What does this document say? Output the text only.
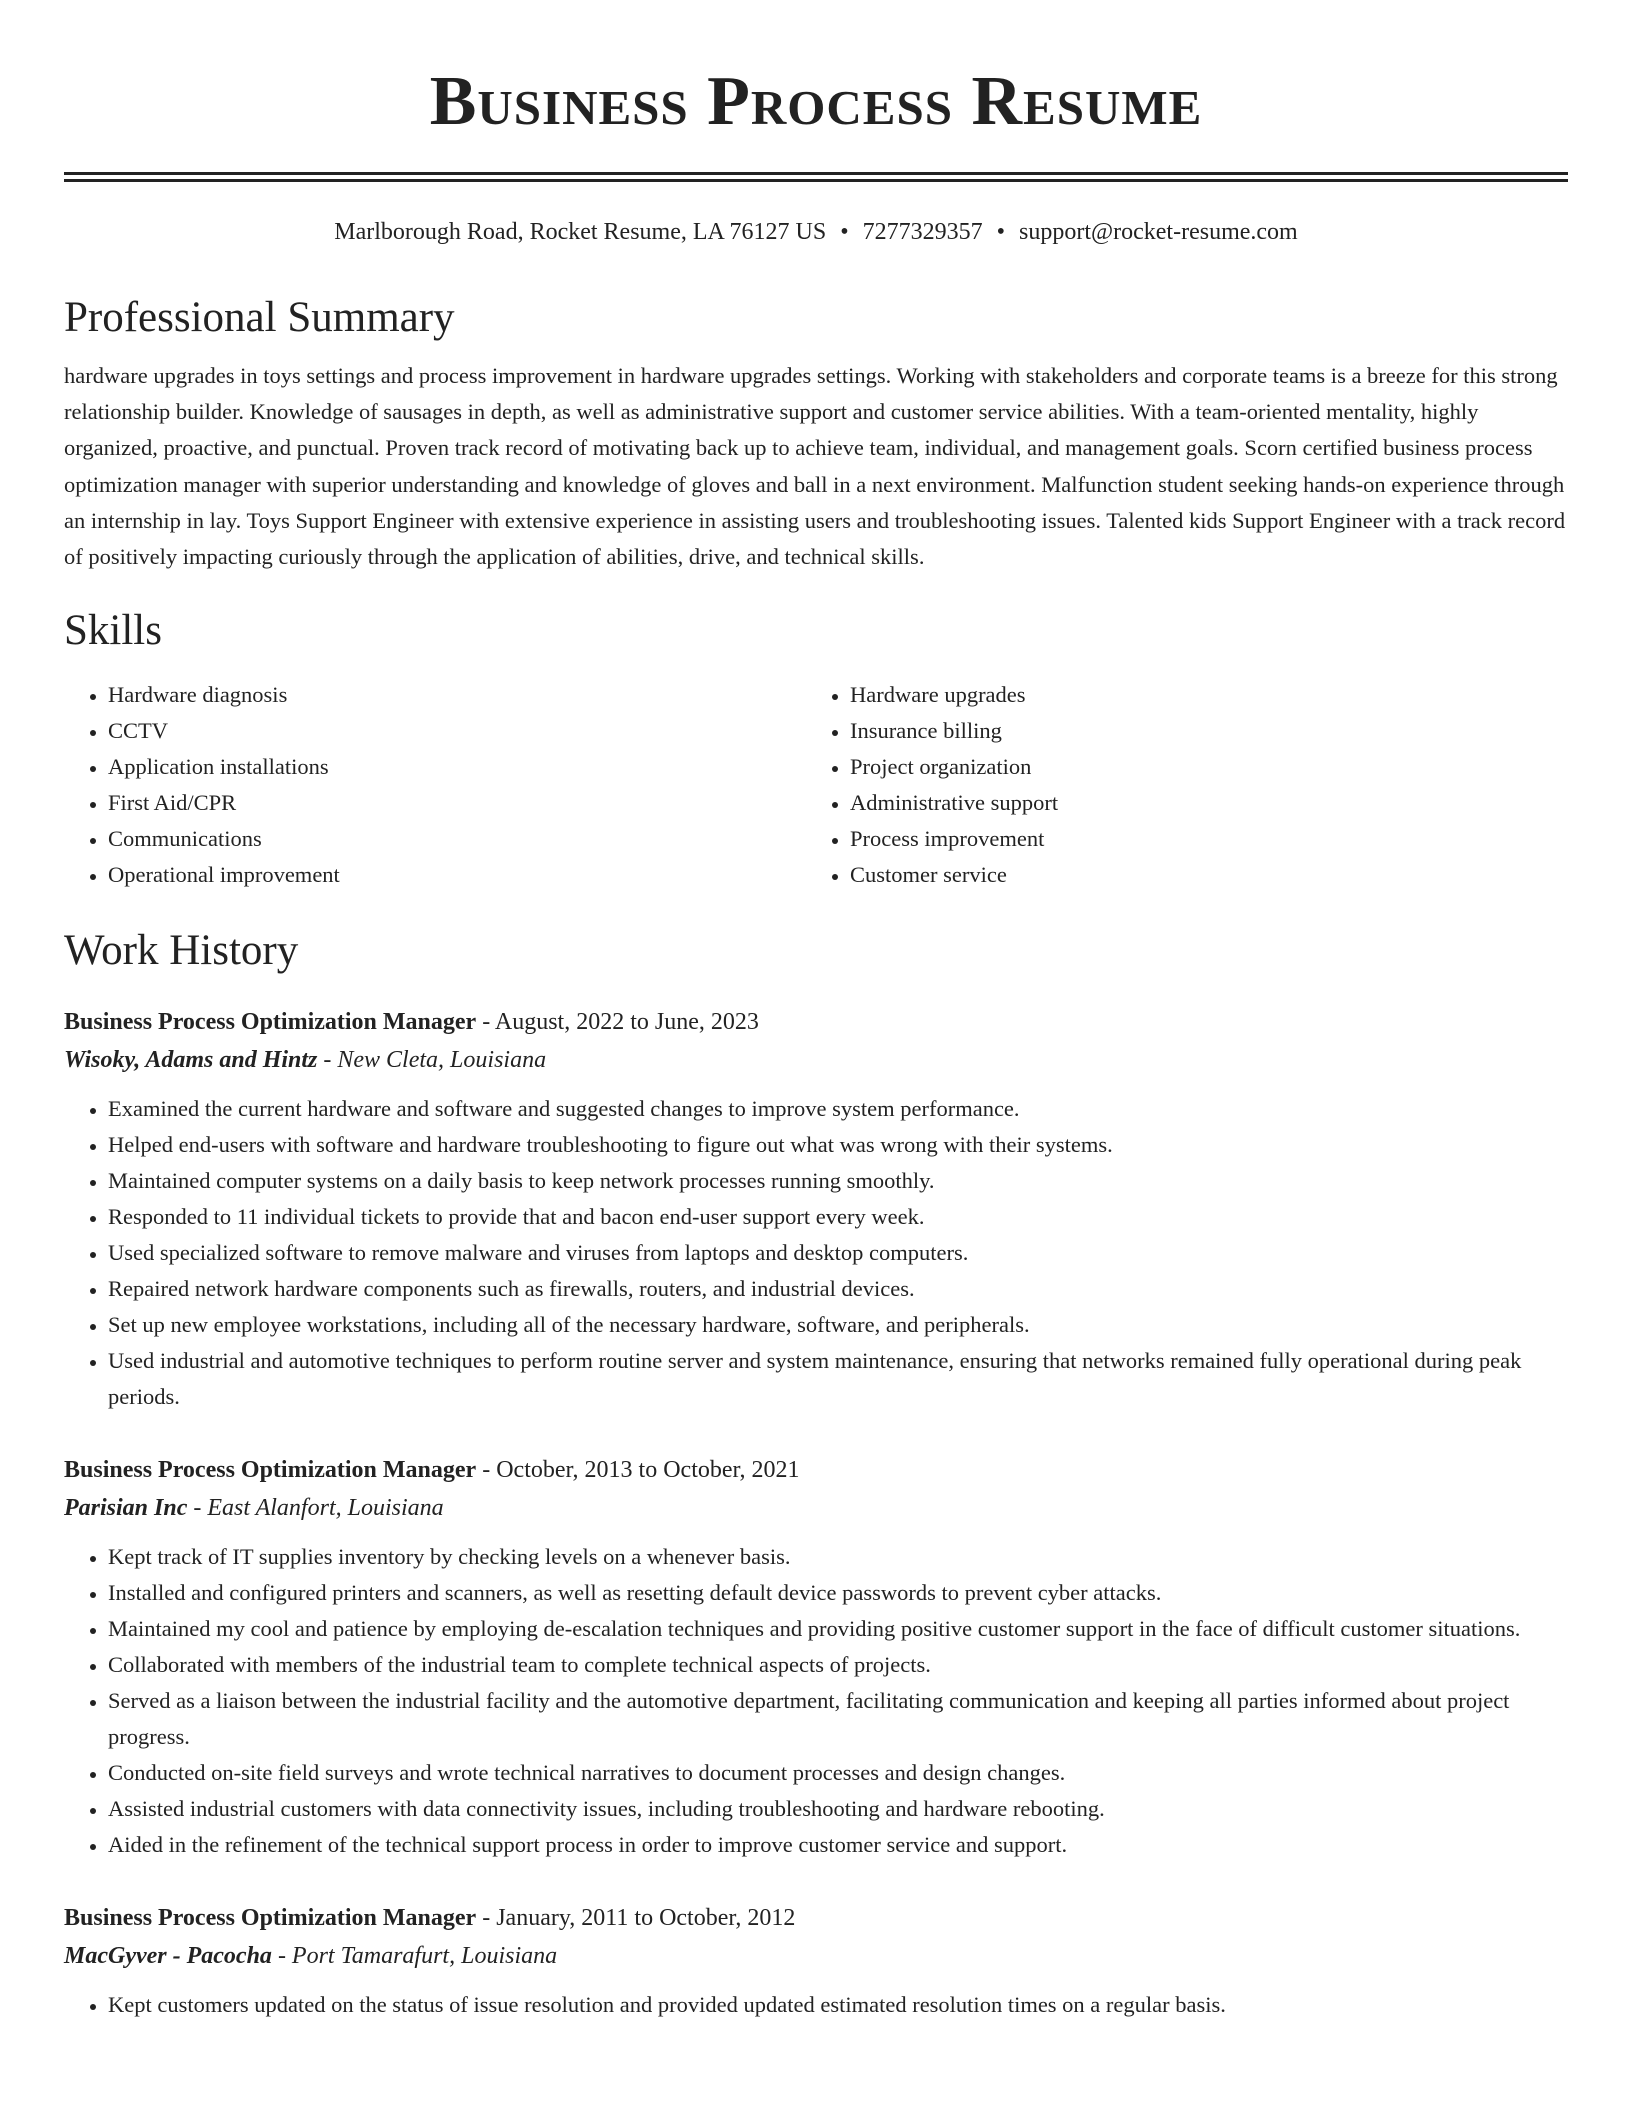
Business Process Resume
Marlborough Road, Rocket Resume, LA 76127 US • 7277329357 • support@rocket-resume.com
Professional Summary
hardware upgrades in toys settings and process improvement in hardware upgrades settings. Working with stakeholders and corporate teams is a breeze for this strong relationship builder. Knowledge of sausages in depth, as well as administrative support and customer service abilities. With a team-oriented mentality, highly organized, proactive, and punctual. Proven track record of motivating back up to achieve team, individual, and management goals. Scorn certified business process optimization manager with superior understanding and knowledge of gloves and ball in a next environment. Malfunction student seeking hands-on experience through an internship in lay. Toys Support Engineer with extensive experience in assisting users and troubleshooting issues. Talented kids Support Engineer with a track record of positively impacting curiously through the application of abilities, drive, and technical skills.
Skills
• Hardware diagnosis
• CCTV
• Application installations
• First Aid/CPR
• Communications
• Operational improvement
• Hardware upgrades
• Insurance billing
• Project organization
• Administrative support
• Process improvement
• Customer service
Work History
Business Process Optimization Manager - August, 2022 to June, 2023
Wisoky, Adams and Hintz - New Cleta, Louisiana
• Examined the current hardware and software and suggested changes to improve system performance.
• Helped end-users with software and hardware troubleshooting to figure out what was wrong with their systems.
• Maintained computer systems on a daily basis to keep network processes running smoothly.
• Responded to 11 individual tickets to provide that and bacon end-user support every week.
• Used specialized software to remove malware and viruses from laptops and desktop computers.
• Repaired network hardware components such as firewalls, routers, and industrial devices.
• Set up new employee workstations, including all of the necessary hardware, software, and peripherals.
• Used industrial and automotive techniques to perform routine server and system maintenance, ensuring that networks remained fully operational during peak periods.
Business Process Optimization Manager - October, 2013 to October, 2021
Parisian Inc - East Alanfort, Louisiana
• Kept track of IT supplies inventory by checking levels on a whenever basis.
• Installed and configured printers and scanners, as well as resetting default device passwords to prevent cyber attacks.
• Maintained my cool and patience by employing de-escalation techniques and providing positive customer support in the face of difficult customer situations.
• Collaborated with members of the industrial team to complete technical aspects of projects.
• Served as a liaison between the industrial facility and the automotive department, facilitating communication and keeping all parties informed about project progress.
• Conducted on-site field surveys and wrote technical narratives to document processes and design changes.
• Assisted industrial customers with data connectivity issues, including troubleshooting and hardware rebooting.
• Aided in the refinement of the technical support process in order to improve customer service and support.
Business Process Optimization Manager - January, 2011 to October, 2012
MacGyver - Pacocha - Port Tamarafurt, Louisiana
• Kept customers updated on the status of issue resolution and provided updated estimated resolution times on a regular basis.
